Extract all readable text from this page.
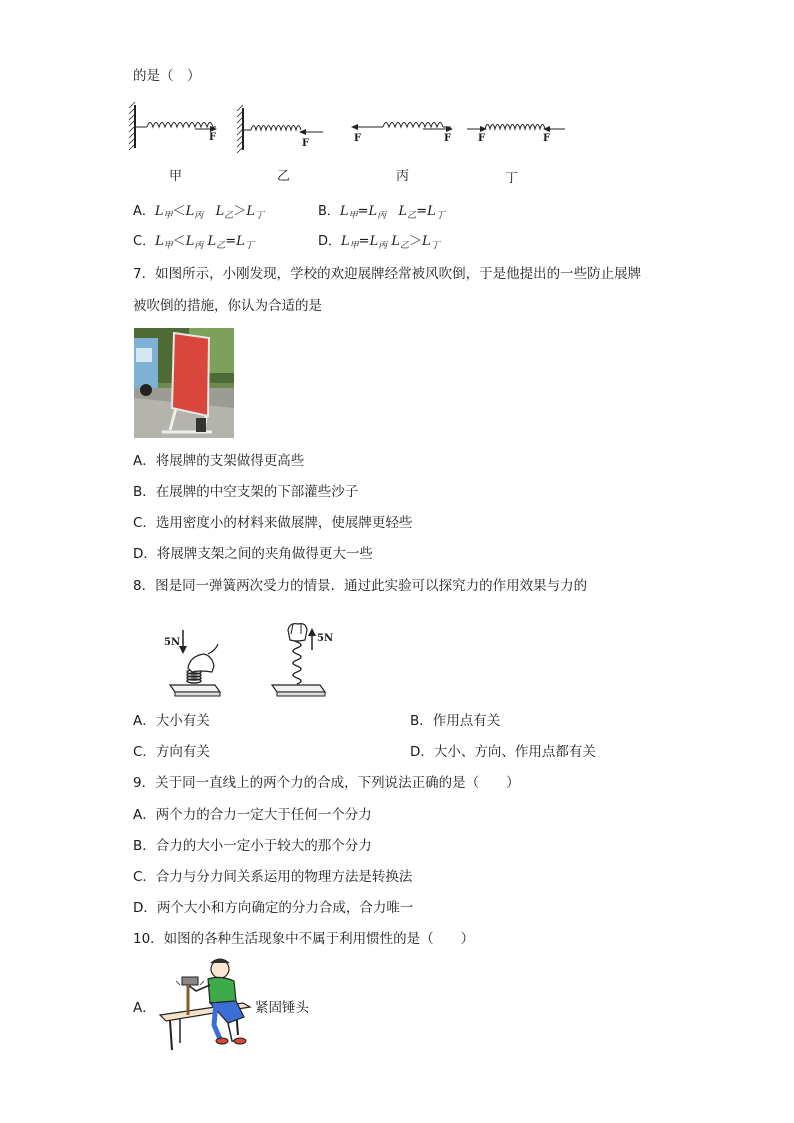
的是（　）
F
F	F	F	F	F
甲	乙	丙	丁
A．$L_甲<L_丙$ $L_乙>L_丁$	B．$L_甲=L_丙$ $L_乙=L_丁$
C．$L_甲<L_丙$ $L_乙=L_丁$	D．$L_甲=L_丙$ $L_乙>L_丁$
7．如图所示，小刚发现，学校的欢迎展牌经常被风吹倒，于是他提出的一些防止展牌
被吹倒的措施，你认为合适的是
A．将展牌的支架做得更高些
B．在展牌的中空支架的下部灌些沙子
C．选用密度小的材料来做展牌，使展牌更轻些
D．将展牌支架之间的夹角做得更大一些
8．图是同一弹簧两次受力的情景．通过此实验可以探究力的作用效果与力的
5N	5N
A．大小有关	B．作用点有关
C．方向有关	D．大小、方向、作用点都有关
9．关于同一直线上的两个力的合成，下列说法正确的是（　　）
A．两个力的合力一定大于任何一个分力
B．合力的大小一定小于较大的那个分力
C．合力与分力间关系运用的物理方法是转换法
D．两个大小和方向确定的分力合成，合力唯一
10．如图的各种生活现象中不属于利用惯性的是（　　）
A．	紧固锤头
